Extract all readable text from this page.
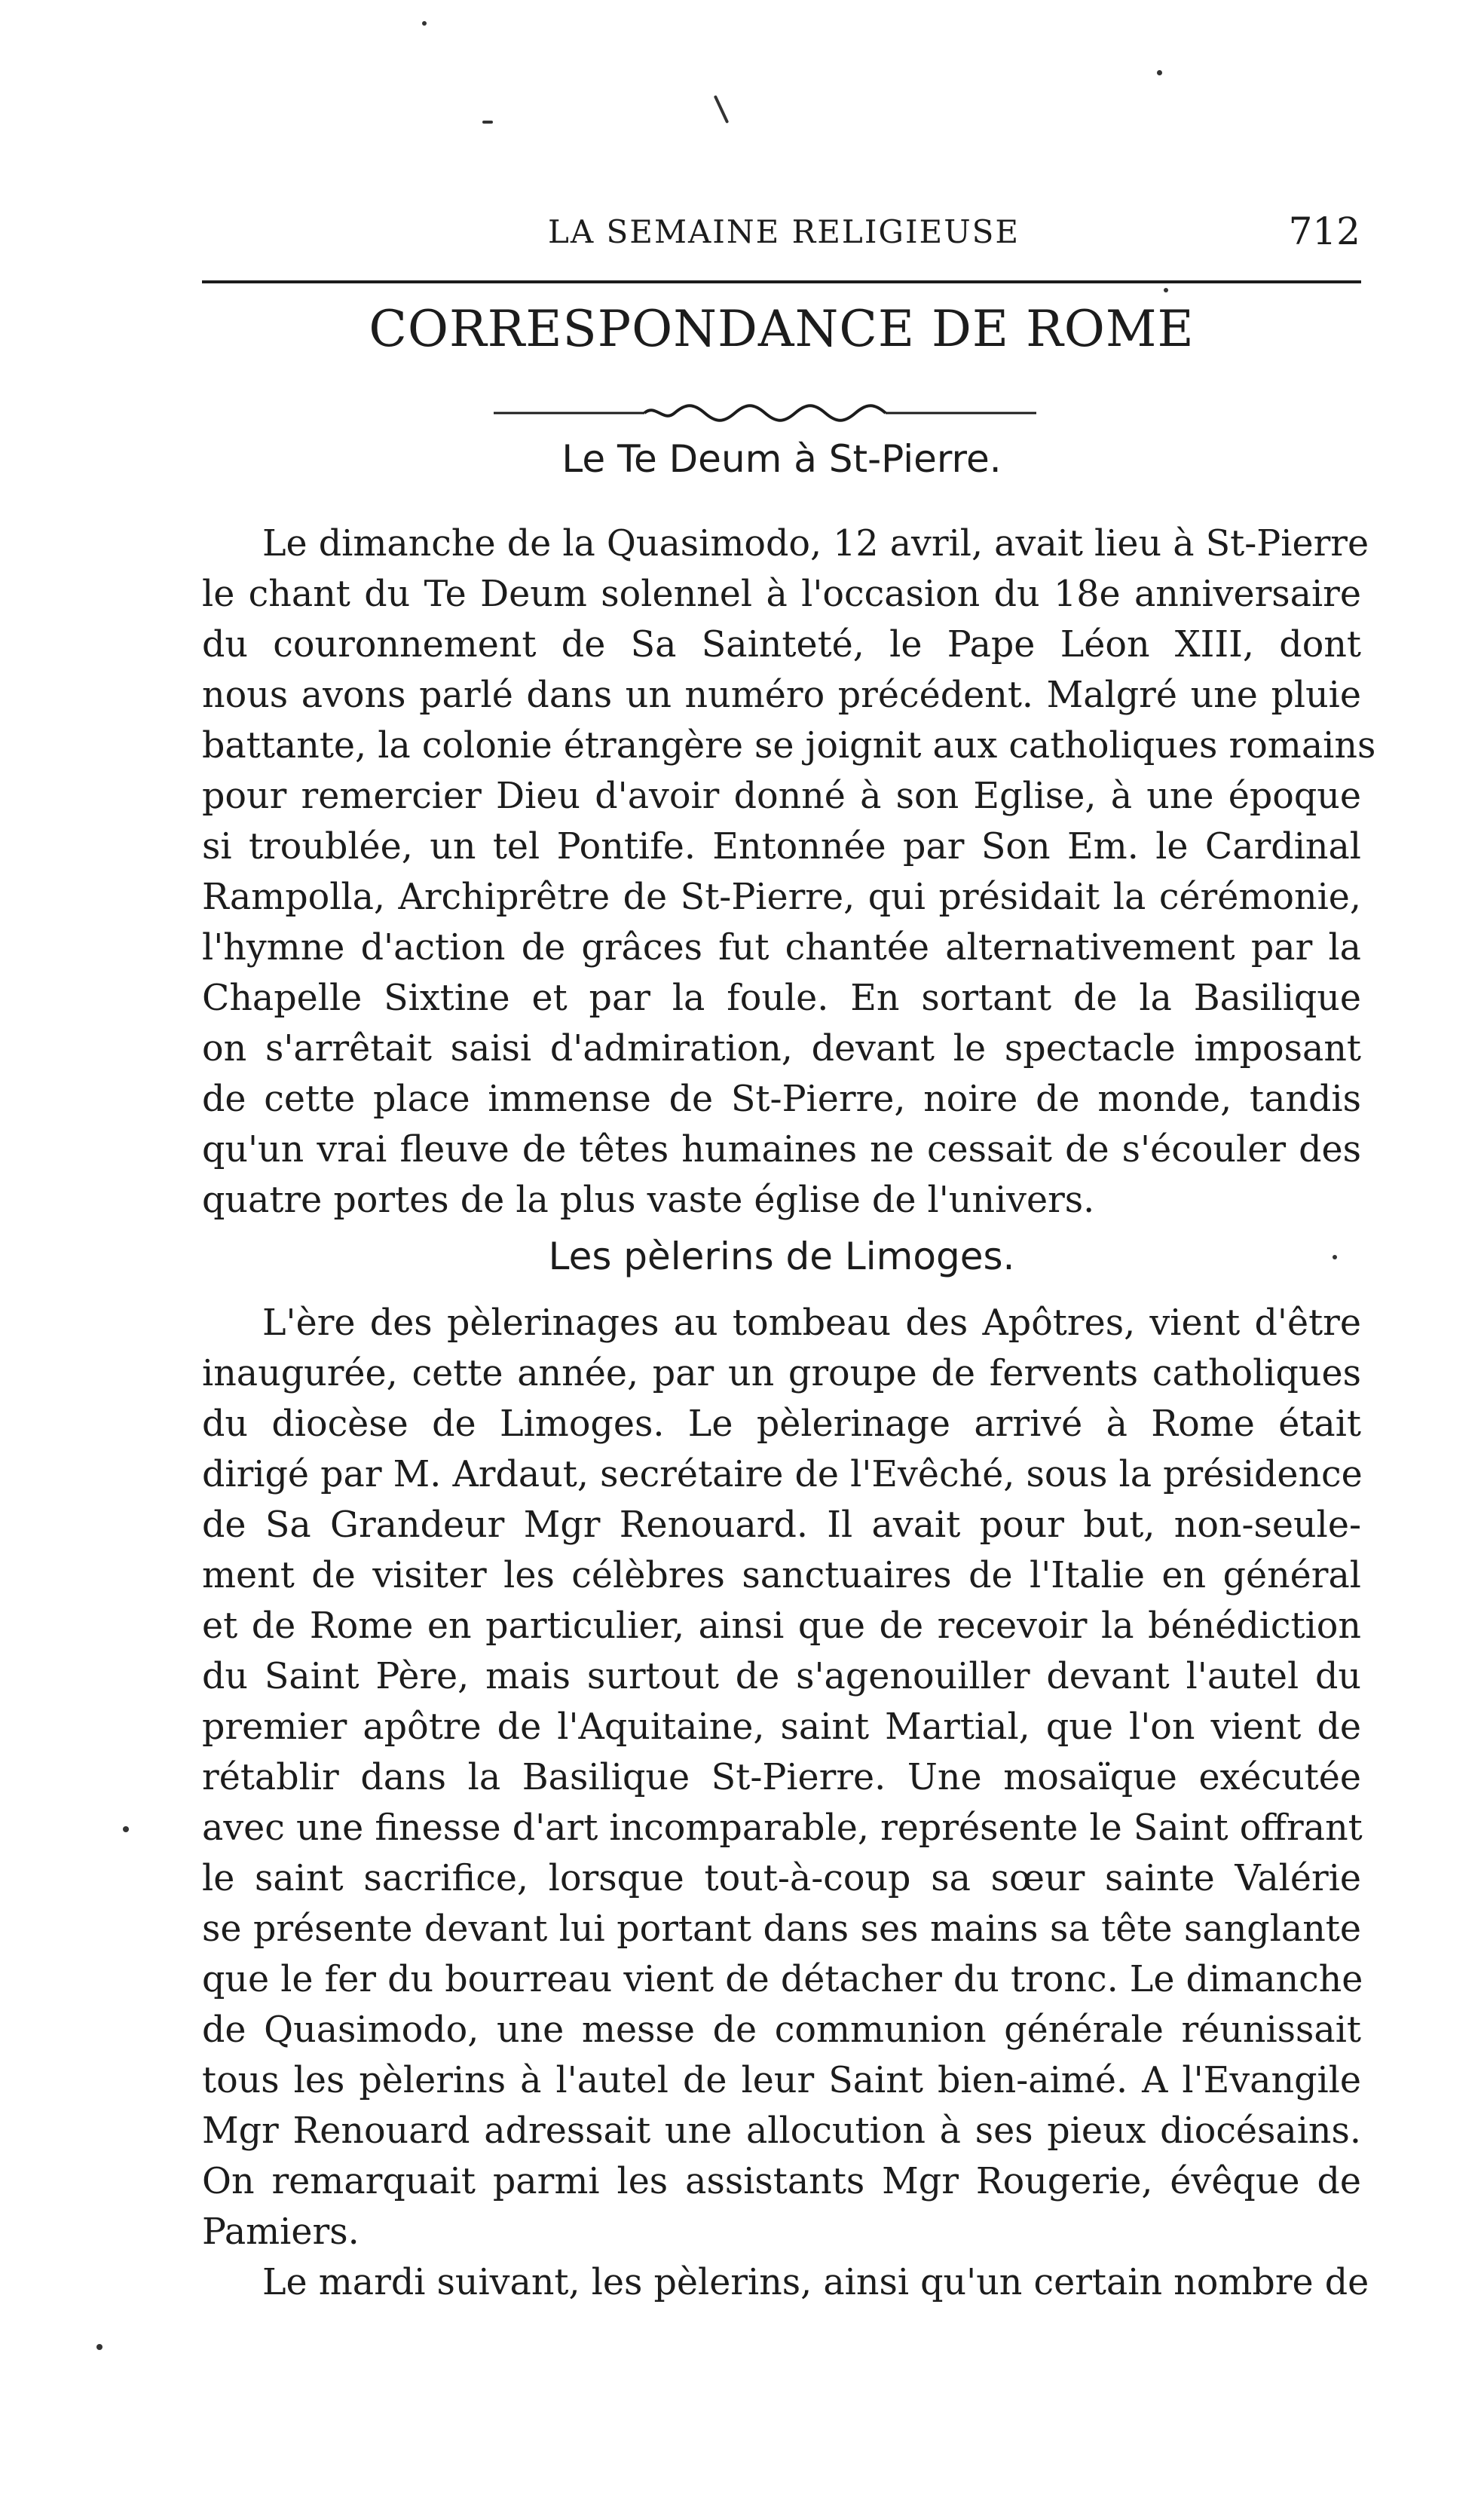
LA SEMAINE RELIGIEUSE	712
CORRESPONDANCE DE ROME
Le Te Deum à St-Pierre.
Le dimanche de la Quasimodo, 12 avril, avait lieu à St-Pierre
le chant du Te Deum solennel à l'occasion du 18e anniversaire
du couronnement de Sa Sainteté, le Pape Léon XIII, dont
nous avons parlé dans un numéro précédent. Malgré une pluie
battante, la colonie étrangère se joignit aux catholiques romains
pour remercier Dieu d'avoir donné à son Eglise, à une époque
si troublée, un tel Pontife. Entonnée par Son Em. le Cardinal
Rampolla, Archiprêtre de St-Pierre, qui présidait la cérémonie,
l'hymne d'action de grâces fut chantée alternativement par la
Chapelle Sixtine et par la foule. En sortant de la Basilique
on s'arrêtait saisi d'admiration, devant le spectacle imposant
de cette place immense de St-Pierre, noire de monde, tandis
qu'un vrai fleuve de têtes humaines ne cessait de s'écouler des
quatre portes de la plus vaste église de l'univers.
Les pèlerins de Limoges.
L'ère des pèlerinages au tombeau des Apôtres, vient d'être
inaugurée, cette année, par un groupe de fervents catholiques
du diocèse de Limoges. Le pèlerinage arrivé à Rome était
dirigé par M. Ardaut, secrétaire de l'Evêché, sous la présidence
de Sa Grandeur Mgr Renouard. Il avait pour but, non-seule-
ment de visiter les célèbres sanctuaires de l'Italie en général
et de Rome en particulier, ainsi que de recevoir la bénédiction
du Saint Père, mais surtout de s'agenouiller devant l'autel du
premier apôtre de l'Aquitaine, saint Martial, que l'on vient de
rétablir dans la Basilique St-Pierre. Une mosaïque exécutée
avec une finesse d'art incomparable, représente le Saint offrant
le saint sacrifice, lorsque tout-à-coup sa sœur sainte Valérie
se présente devant lui portant dans ses mains sa tête sanglante
que le fer du bourreau vient de détacher du tronc. Le dimanche
de Quasimodo, une messe de communion générale réunissait
tous les pèlerins à l'autel de leur Saint bien-aimé. A l'Evangile
Mgr Renouard adressait une allocution à ses pieux diocésains.
On remarquait parmi les assistants Mgr Rougerie, évêque de
Pamiers.
Le mardi suivant, les pèlerins, ainsi qu'un certain nombre de
